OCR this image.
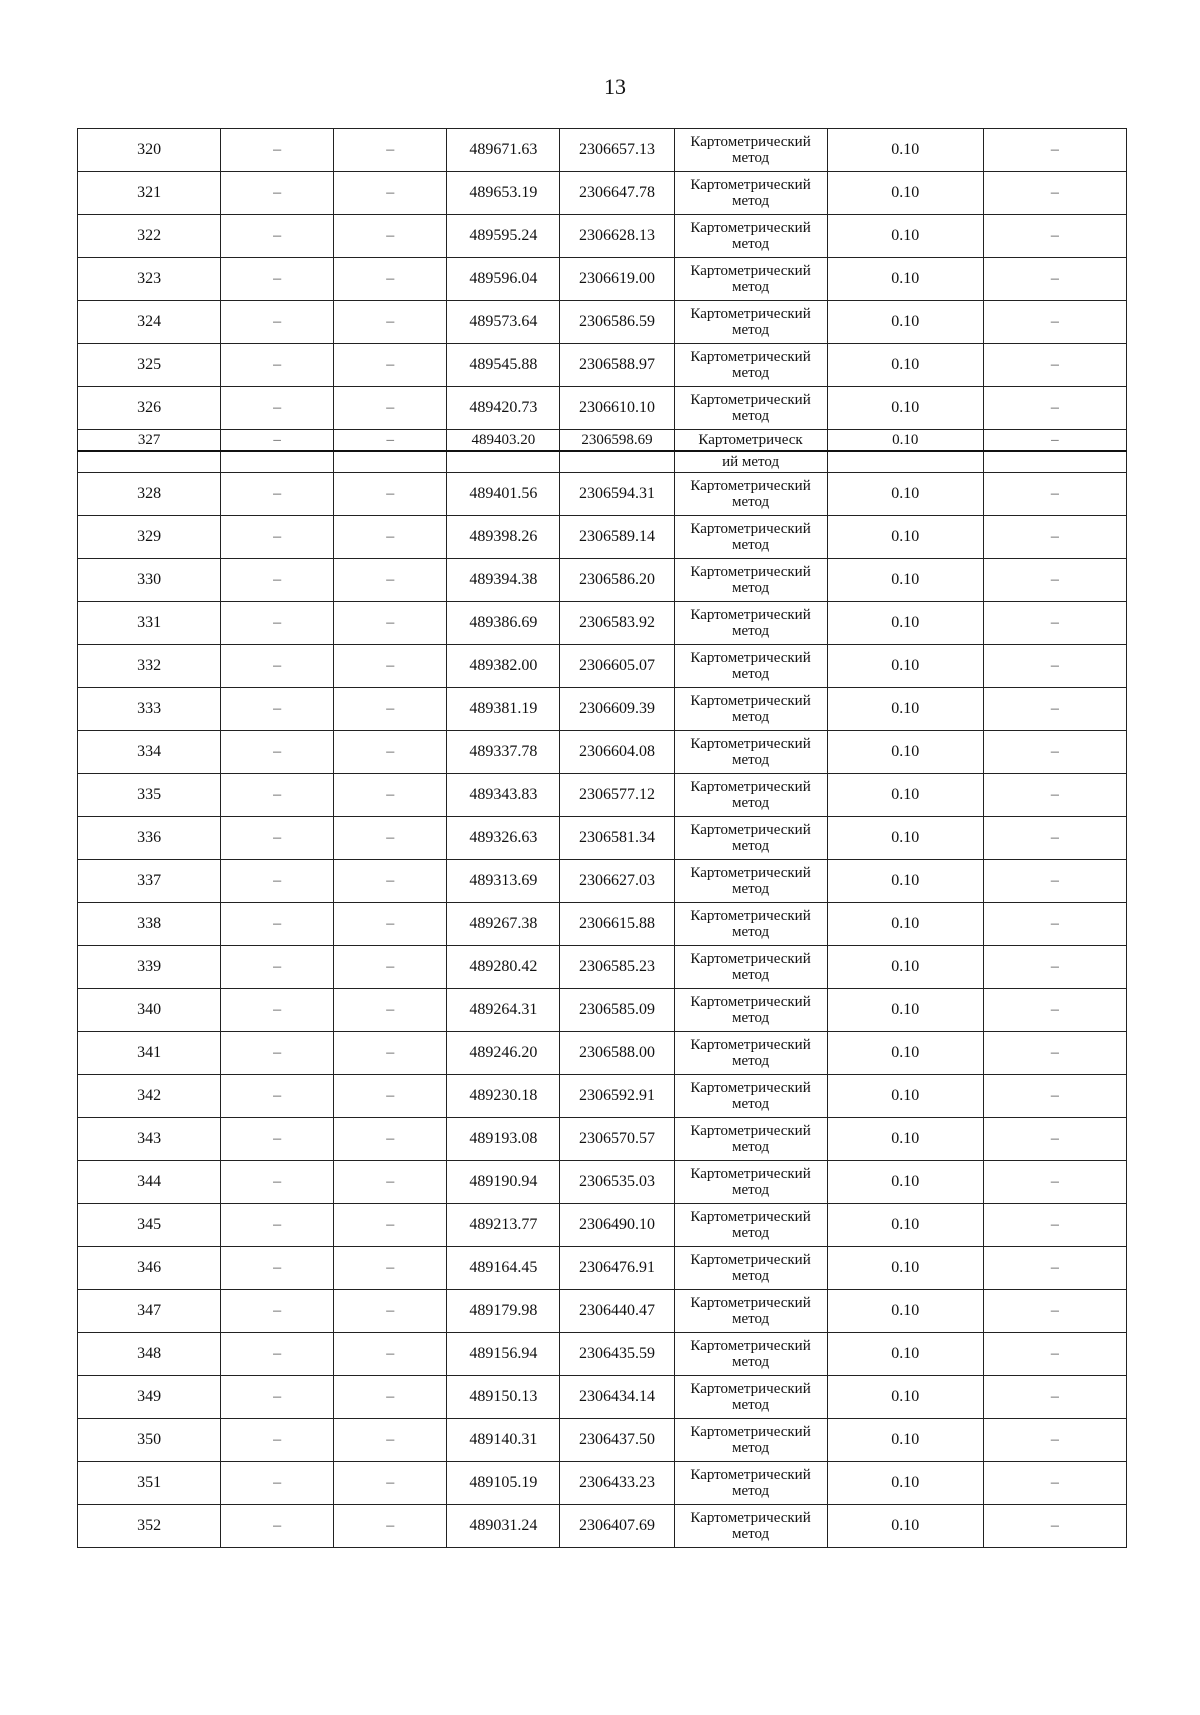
13
320	–	–	489671.63	2306657.13	Картометрический метод	0.10	–
321	–	–	489653.19	2306647.78	Картометрический метод	0.10	–
322	–	–	489595.24	2306628.13	Картометрический метод	0.10	–
323	–	–	489596.04	2306619.00	Картометрический метод	0.10	–
324	–	–	489573.64	2306586.59	Картометрический метод	0.10	–
325	–	–	489545.88	2306588.97	Картометрический метод	0.10	–
326	–	–	489420.73	2306610.10	Картометрический метод	0.10	–
327	–	–	489403.20	2306598.69	Картометрическ	0.10	–
					ий метод		
328	–	–	489401.56	2306594.31	Картометрический метод	0.10	–
329	–	–	489398.26	2306589.14	Картометрический метод	0.10	–
330	–	–	489394.38	2306586.20	Картометрический метод	0.10	–
331	–	–	489386.69	2306583.92	Картометрический метод	0.10	–
332	–	–	489382.00	2306605.07	Картометрический метод	0.10	–
333	–	–	489381.19	2306609.39	Картометрический метод	0.10	–
334	–	–	489337.78	2306604.08	Картометрический метод	0.10	–
335	–	–	489343.83	2306577.12	Картометрический метод	0.10	–
336	–	–	489326.63	2306581.34	Картометрический метод	0.10	–
337	–	–	489313.69	2306627.03	Картометрический метод	0.10	–
338	–	–	489267.38	2306615.88	Картометрический метод	0.10	–
339	–	–	489280.42	2306585.23	Картометрический метод	0.10	–
340	–	–	489264.31	2306585.09	Картометрический метод	0.10	–
341	–	–	489246.20	2306588.00	Картометрический метод	0.10	–
342	–	–	489230.18	2306592.91	Картометрический метод	0.10	–
343	–	–	489193.08	2306570.57	Картометрический метод	0.10	–
344	–	–	489190.94	2306535.03	Картометрический метод	0.10	–
345	–	–	489213.77	2306490.10	Картометрический метод	0.10	–
346	–	–	489164.45	2306476.91	Картометрический метод	0.10	–
347	–	–	489179.98	2306440.47	Картометрический метод	0.10	–
348	–	–	489156.94	2306435.59	Картометрический метод	0.10	–
349	–	–	489150.13	2306434.14	Картометрический метод	0.10	–
350	–	–	489140.31	2306437.50	Картометрический метод	0.10	–
351	–	–	489105.19	2306433.23	Картометрический метод	0.10	–
352	–	–	489031.24	2306407.69	Картометрический метод	0.10	–
